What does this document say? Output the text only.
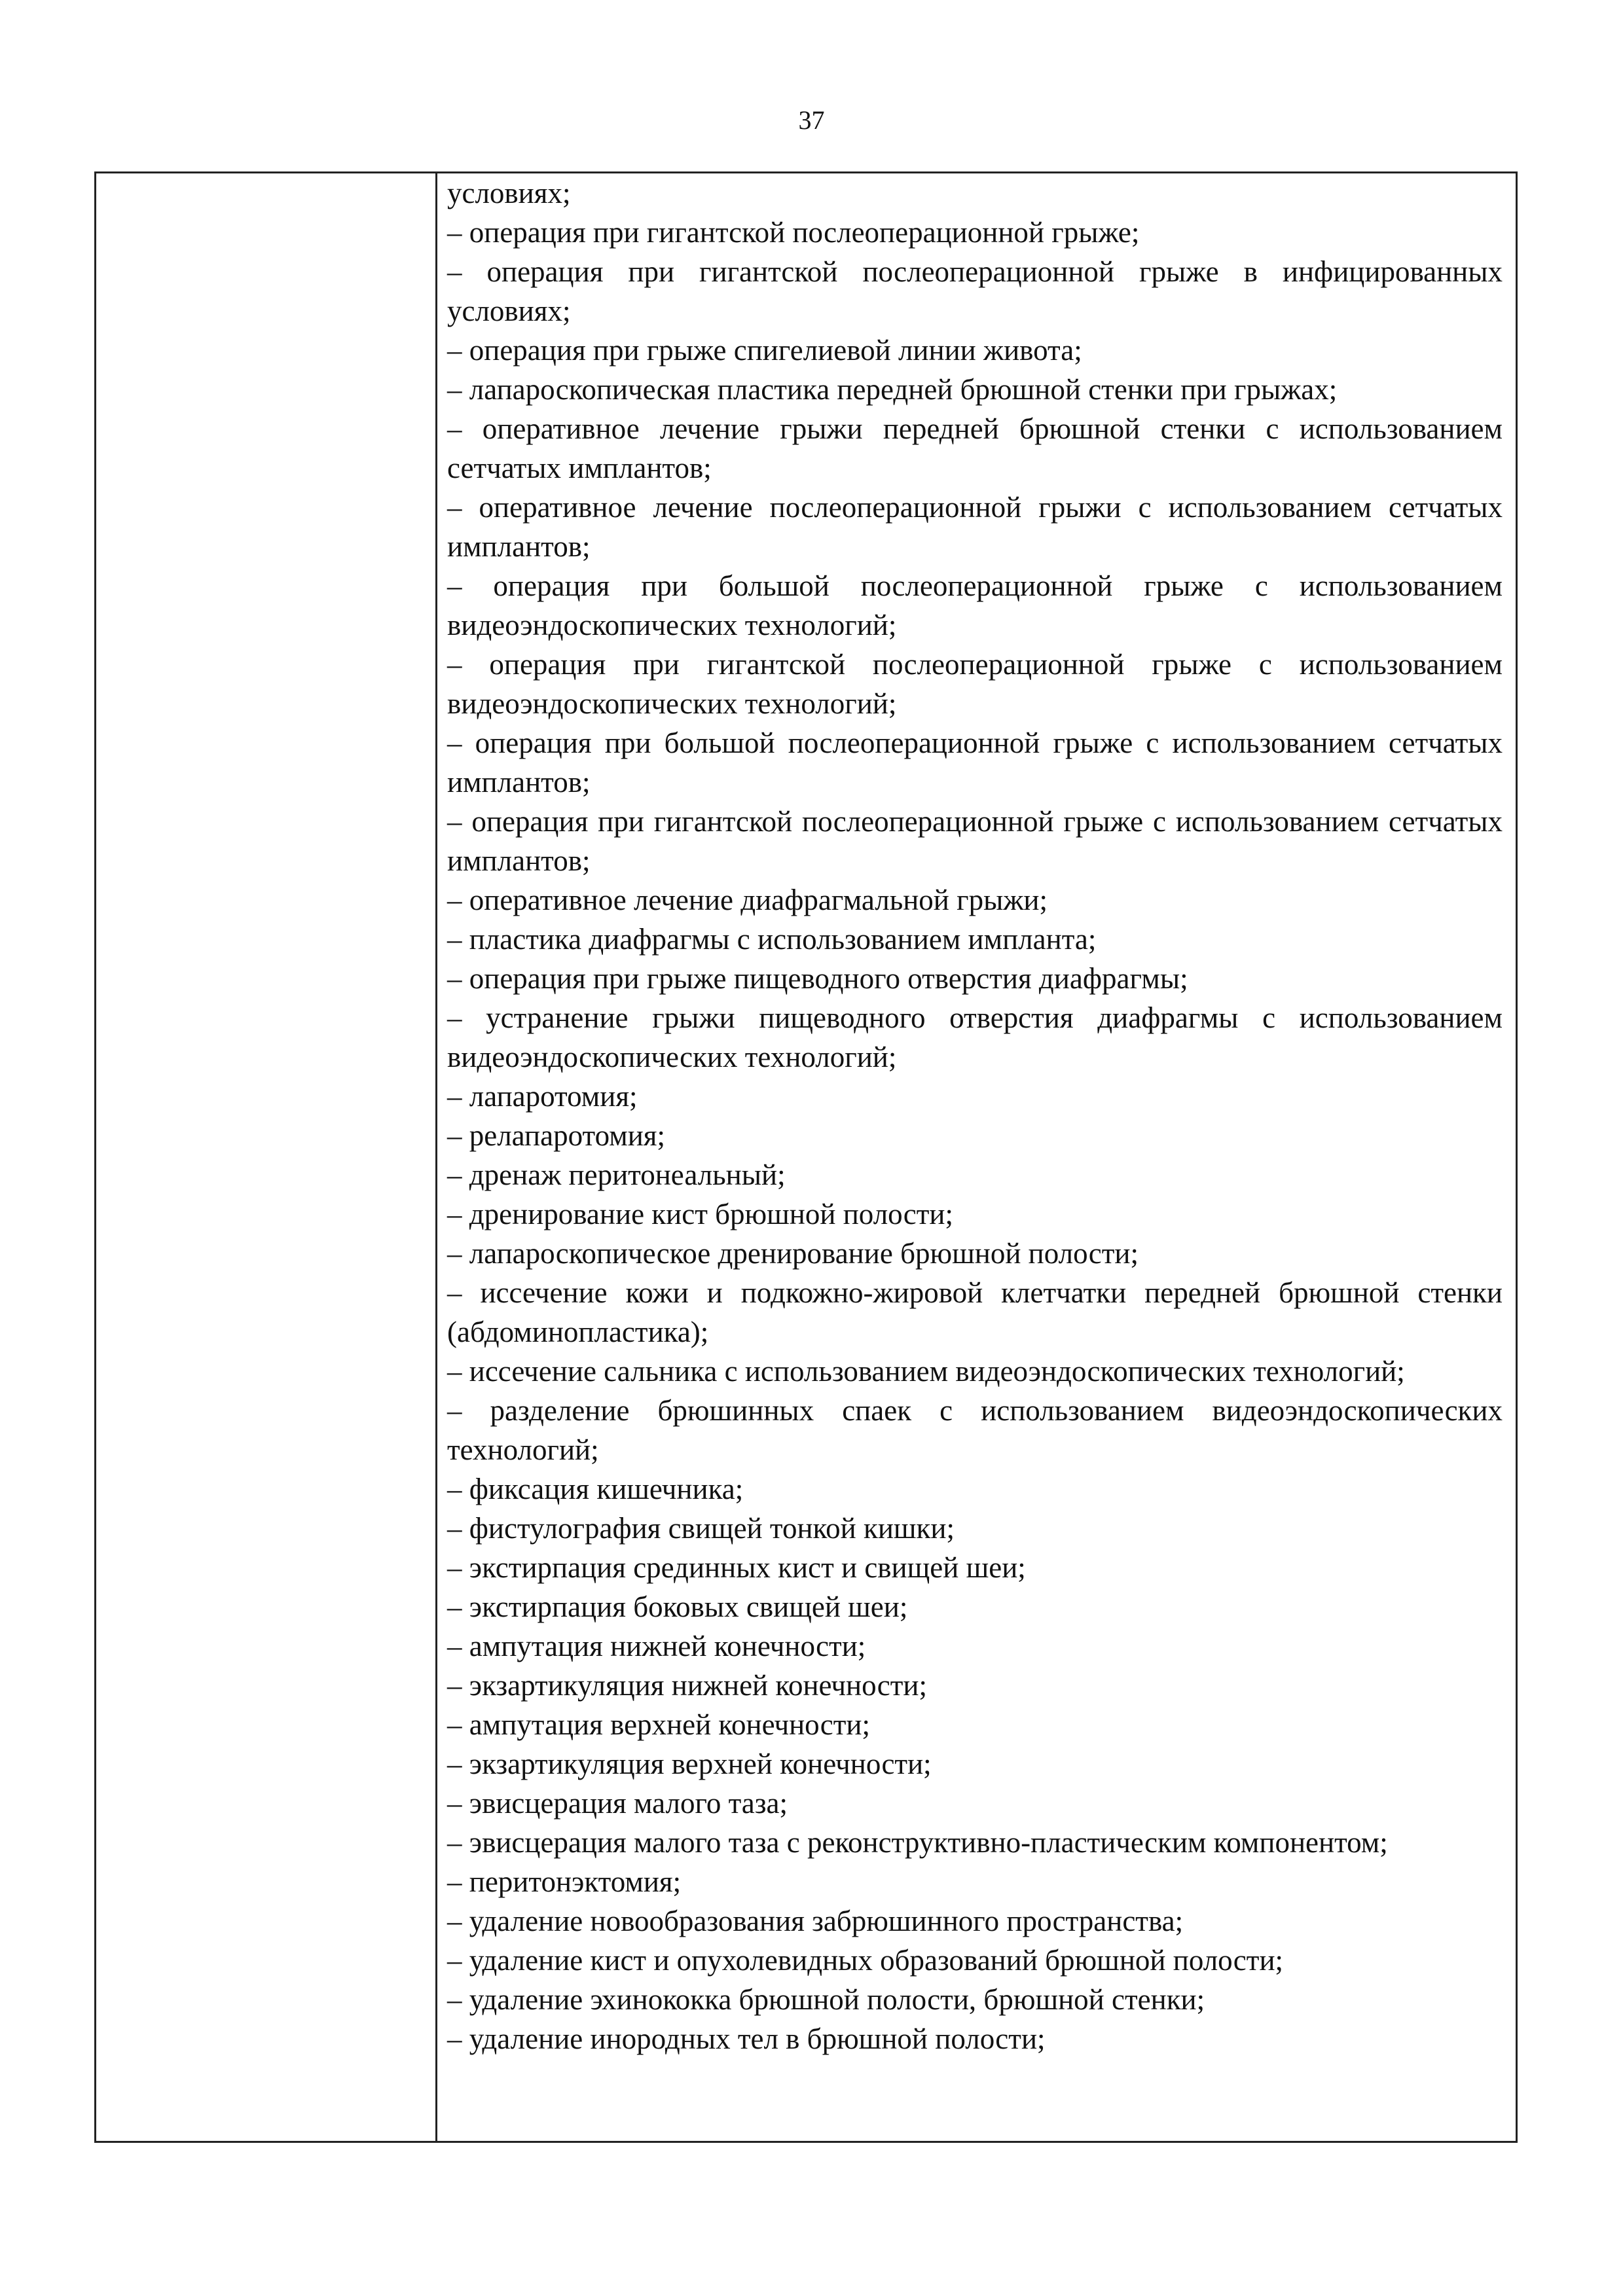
37
условиях;
– операция при гигантской послеоперационной грыже;
– операция при гигантской послеоперационной грыже в инфицированных условиях;
– операция при грыже спигелиевой линии живота;
– лапароскопическая пластика передней брюшной стенки при грыжах;
– оперативное лечение грыжи передней брюшной стенки с использованием сетчатых имплантов;
– оперативное лечение послеоперационной грыжи с использованием сетчатых имплантов;
– операция при большой послеоперационной грыже с использованием видеоэндоскопических технологий;
– операция при гигантской послеоперационной грыже с использованием видеоэндоскопических технологий;
– операция при большой послеоперационной грыже с использованием сетчатых имплантов;
– операция при гигантской послеоперационной грыже с использованием сетчатых имплантов;
– оперативное лечение диафрагмальной грыжи;
– пластика диафрагмы с использованием импланта;
– операция при грыже пищеводного отверстия диафрагмы;
– устранение грыжи пищеводного отверстия диафрагмы с использованием видеоэндоскопических технологий;
– лапаротомия;
– релапаротомия;
– дренаж перитонеальный;
– дренирование кист брюшной полости;
– лапароскопическое дренирование брюшной полости;
– иссечение кожи и подкожно-жировой клетчатки передней брюшной стенки (абдоминопластика);
– иссечение сальника с использованием видеоэндоскопических технологий;
– разделение брюшинных спаек с использованием видеоэндоскопических технологий;
– фиксация кишечника;
– фистулография свищей тонкой кишки;
– экстирпация срединных кист и свищей шеи;
– экстирпация боковых свищей шеи;
– ампутация нижней конечности;
– экзартикуляция нижней конечности;
– ампутация верхней конечности;
– экзартикуляция верхней конечности;
– эвисцерация малого таза;
– эвисцерация малого таза с реконструктивно-пластическим компонентом;
– перитонэктомия;
– удаление новообразования забрюшинного пространства;
– удаление кист и опухолевидных образований брюшной полости;
– удаление эхинококка брюшной полости, брюшной стенки;
– удаление инородных тел в брюшной полости;
